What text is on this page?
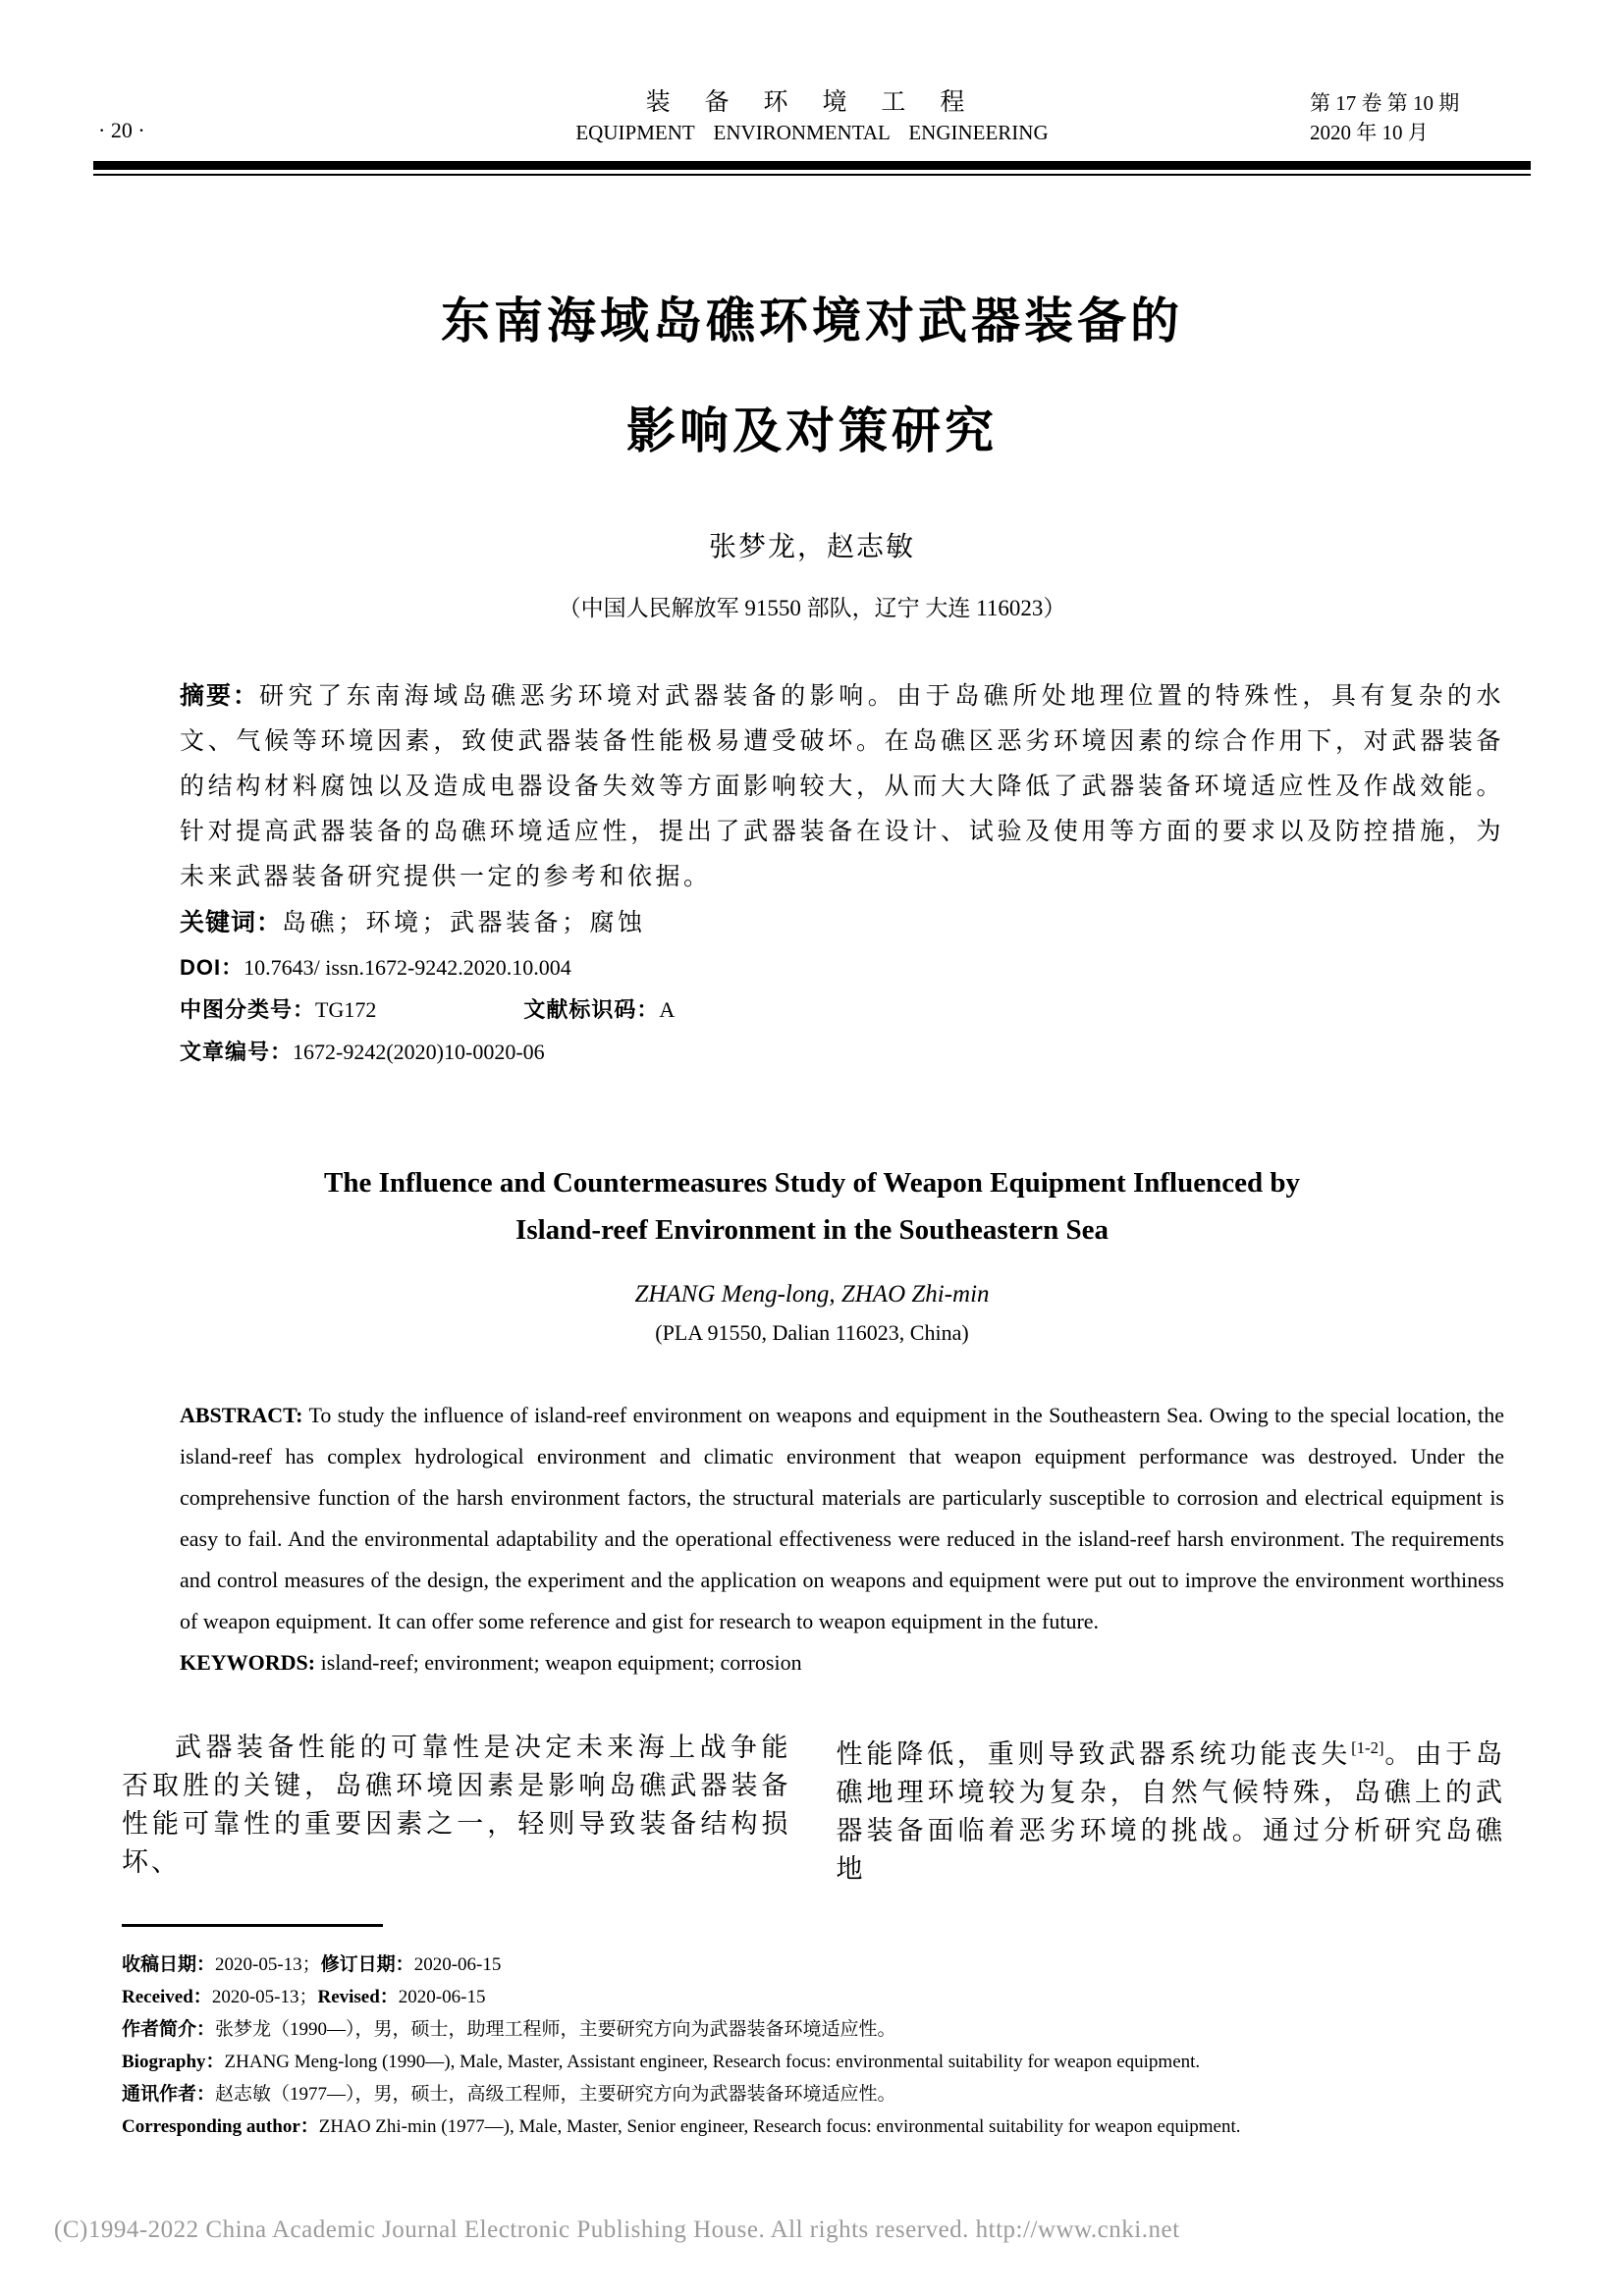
· 20 ·
装 备 环 境 工 程
EQUIPMENT ENVIRONMENTAL ENGINEERING
第 17 卷 第 10 期
2020 年 10 月
东南海域岛礁环境对武器装备的
影响及对策研究
张梦龙，赵志敏
（中国人民解放军 91550 部队，辽宁 大连 116023）

摘要：研究了东南海域岛礁恶劣环境对武器装备的影响。由于岛礁所处地理位置的特殊性，具有复杂的水文、气候等环境因素，致使武器装备性能极易遭受破坏。在岛礁区恶劣环境因素的综合作用下，对武器装备的结构材料腐蚀以及造成电器设备失效等方面影响较大，从而大大降低了武器装备环境适应性及作战效能。针对提高武器装备的岛礁环境适应性，提出了武器装备在设计、试验及使用等方面的要求以及防控措施，为未来武器装备研究提供一定的参考和依据。

关键词：岛礁；环境；武器装备；腐蚀

DOI：10.7643/ issn.1672-9242.2020.10.004

中图分类号：TG172	文献标识码：A

文章编号：1672-9242(2020)10-0020-06

The Influence and Countermeasures Study of Weapon Equipment Influenced by
Island-reef Environment in the Southeastern Sea
ZHANG Meng-long, ZHAO Zhi-min
(PLA 91550, Dalian 116023, China)

ABSTRACT: To study the influence of island-reef environment on weapons and equipment in the Southeastern Sea. Owing to the special location, the island-reef has complex hydrological environment and climatic environment that weapon equipment performance was destroyed. Under the comprehensive function of the harsh environment factors, the structural materials are particularly susceptible to corrosion and electrical equipment is easy to fail. And the environmental adaptability and the operational effectiveness were reduced in the island-reef harsh environment. The requirements and control measures of the design, the experiment and the application on weapons and equipment were put out to improve the environment worthiness of weapon equipment. It can offer some reference and gist for research to weapon equipment in the future.

KEYWORDS: island-reef; environment; weapon equipment; corrosion

武器装备性能的可靠性是决定未来海上战争能否取胜的关键，岛礁环境因素是影响岛礁武器装备性能可靠性的重要因素之一，轻则导致装备结构损坏、

性能降低，重则导致武器系统功能丧失[1-2]。由于岛礁地理环境较为复杂，自然气候特殊，岛礁上的武器装备面临着恶劣环境的挑战。通过分析研究岛礁地

收稿日期：2020-05-13；修订日期：2020-06-15

Received：2020-05-13；Revised：2020-06-15

作者简介：张梦龙（1990—），男，硕士，助理工程师，主要研究方向为武器装备环境适应性。

Biography：ZHANG Meng-long (1990—), Male, Master, Assistant engineer, Research focus: environmental suitability for weapon equipment.

通讯作者：赵志敏（1977—），男，硕士，高级工程师，主要研究方向为武器装备环境适应性。

Corresponding author：ZHAO Zhi-min (1977—), Male, Master, Senior engineer, Research focus: environmental suitability for weapon equipment.

(C)1994-2022 China Academic Journal Electronic Publishing House. All rights reserved. http://www.cnki.net
